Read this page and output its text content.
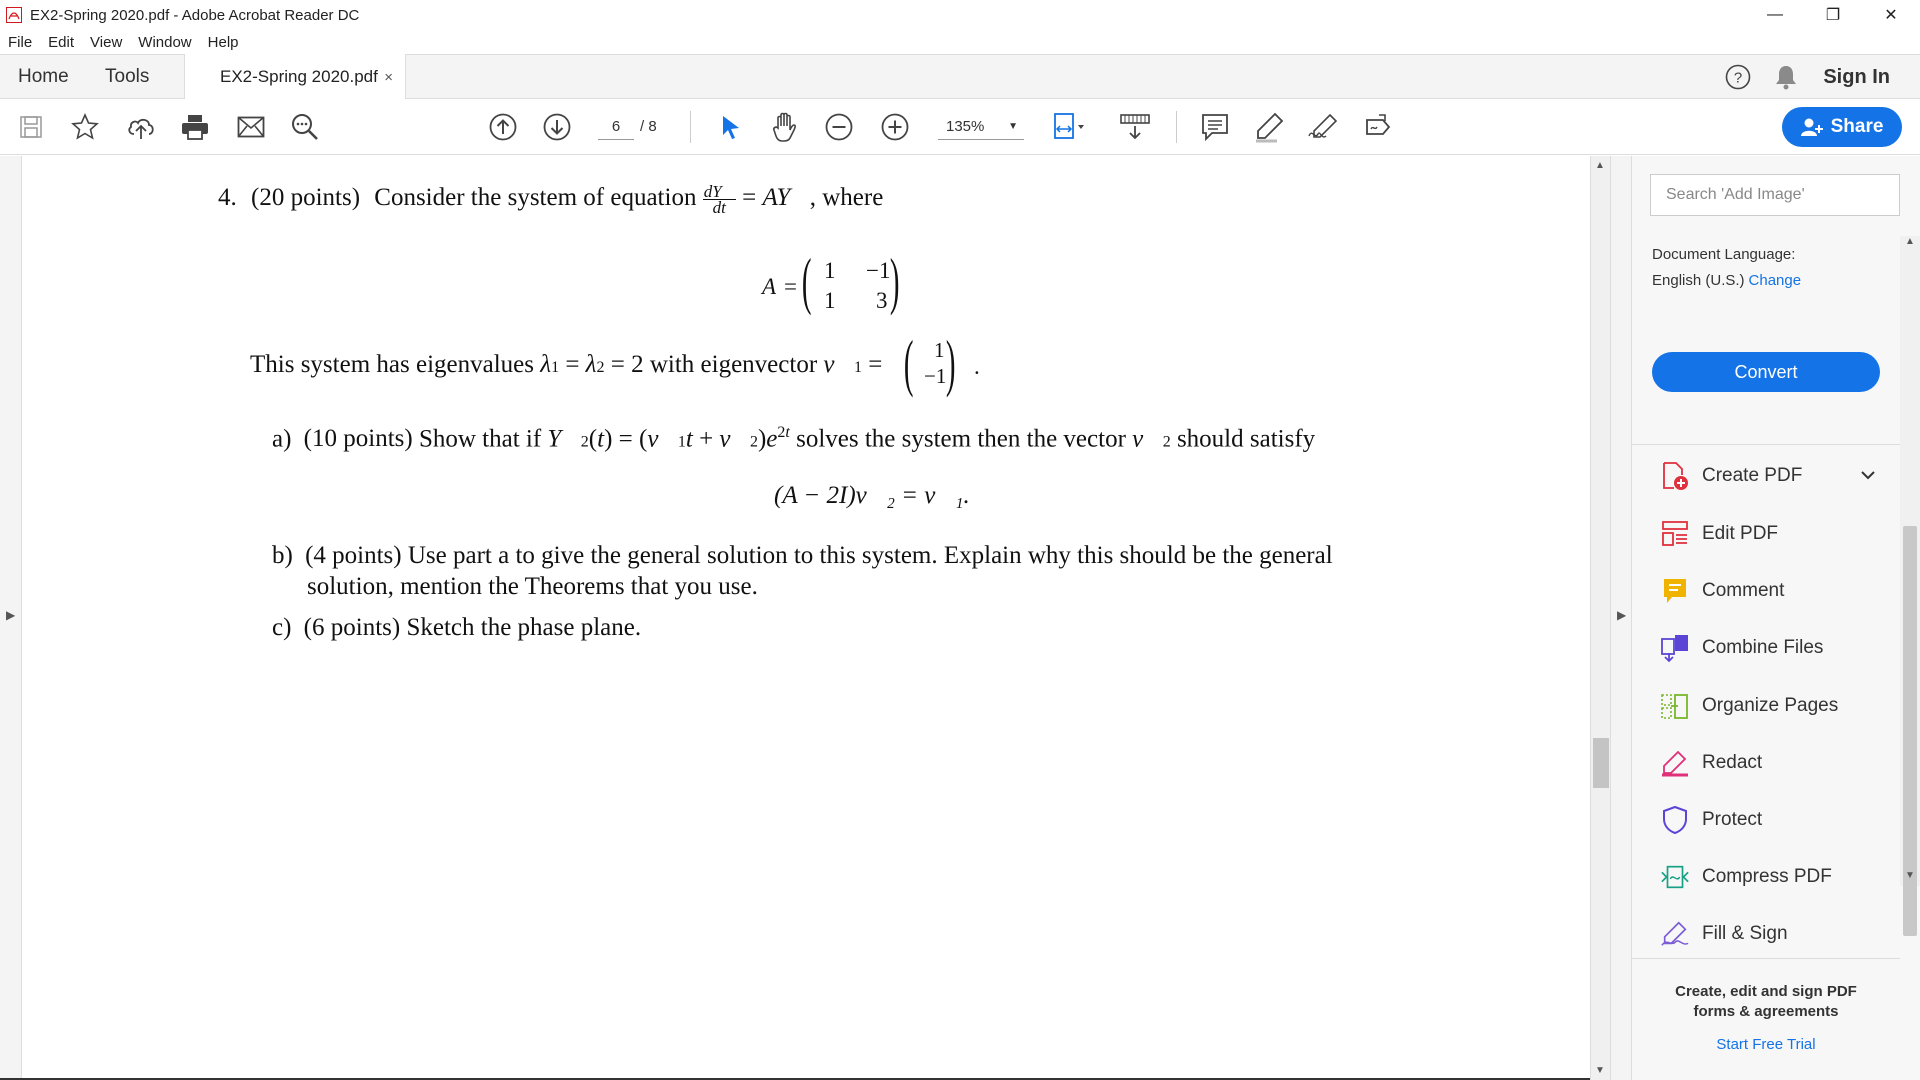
EX2-Spring 2020.pdf - Adobe Acrobat Reader DC	—	❐	✕
File Edit View Window Help
Home Tools	EX2-Spring 2020.pdf ×	?	Sign In
6	/ 8	135% ▼	Share
▶
4. (20 points) Consider the system of equation $\frac{dY⃗}{dt}$ = AY⃗, where
A = ( 1 −1
1 3 )
This system has eigenvalues λ1 = λ2 = 2 with eigenvector v⃗1 = ( 1
−1 ) .
a) (10 points) Show that if Y⃗2(t) = (v⃗1t + $v⃗2)e^{2t}$ solves the system then the vector v⃗2 should satisfy
(A − 2I)v⃗₂ = v⃗₁.
b) (4 points) Use part a to give the general solution to this system. Explain why this should be the general
solution, mention the Theorems that you use.
c) (6 points) Sketch the phase plane.
▲
▼
▶
Search 'Add Image'
Document Language:
English (U.S.) Change
Convert
Create PDF
Edit PDF
Comment
Combine Files
Organize Pages
Redact
Protect
Compress PDF
Fill & Sign
Create, edit and sign PDF
forms & agreements
Start Free Trial
▲
▼
